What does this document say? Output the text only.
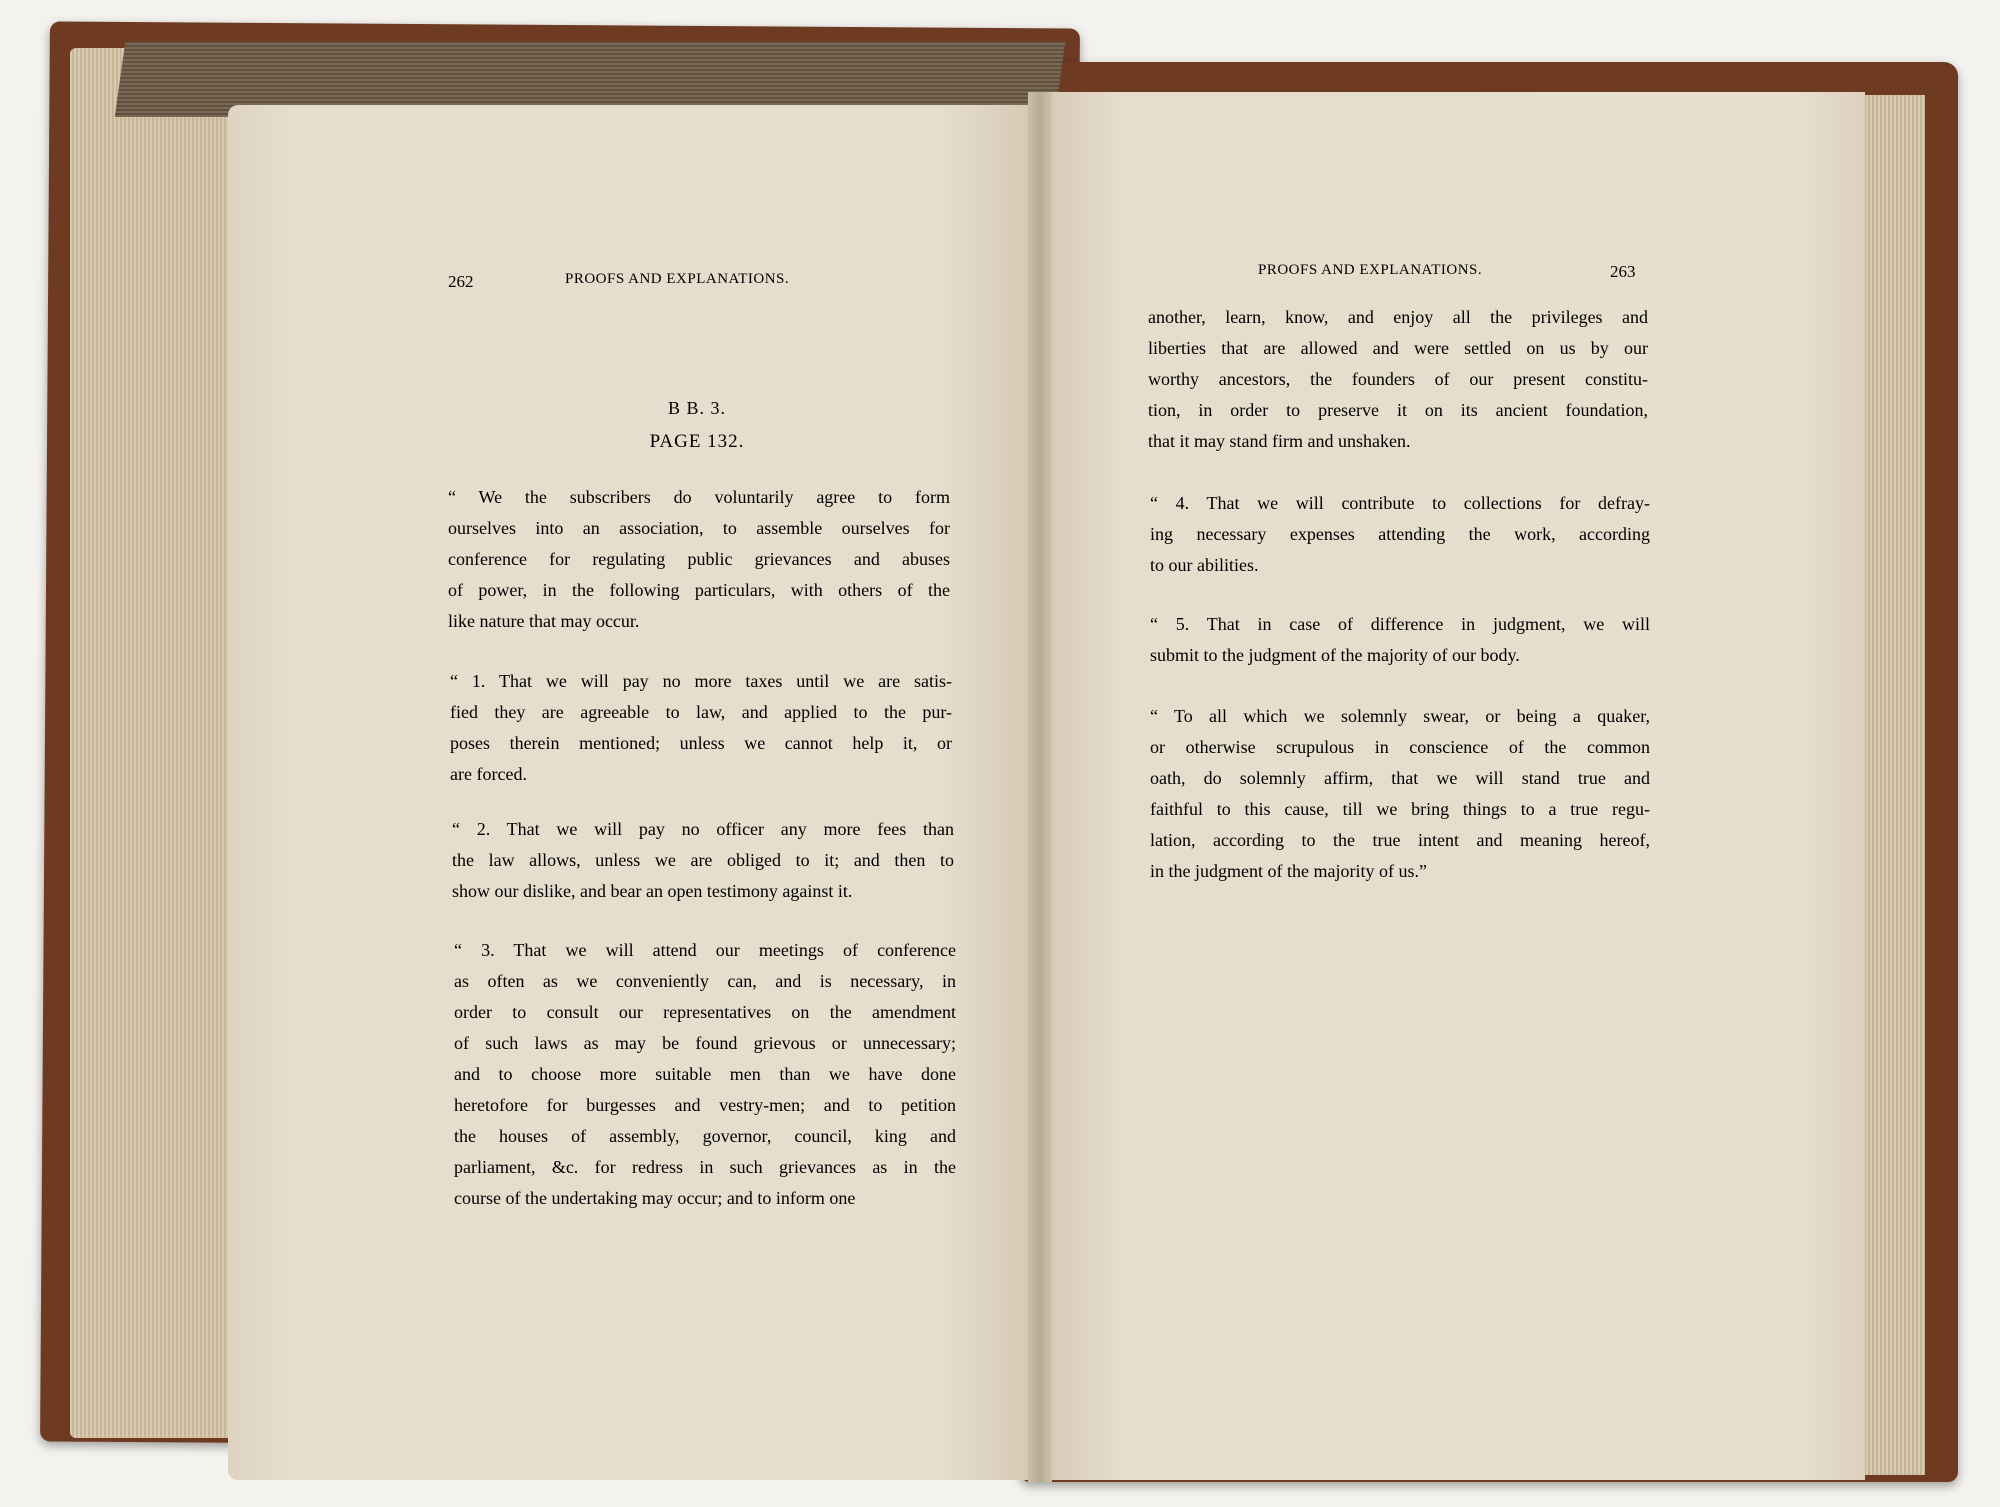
262	PROOFS AND EXPLANATIONS.
B B. 3.
PAGE 132.
“ We the subscribers do voluntarily agree to form
ourselves into an association, to assemble ourselves for
conference for regulating public grievances and abuses
of power, in the following particulars, with others of the
like nature that may occur.
“ 1. That we will pay no more taxes until we are satis-
fied they are agreeable to law, and applied to the pur-
poses therein mentioned; unless we cannot help it, or
are forced.
“ 2. That we will pay no officer any more fees than
the law allows, unless we are obliged to it; and then to
show our dislike, and bear an open testimony against it.
“ 3. That we will attend our meetings of conference
as often as we conveniently can, and is necessary, in
order to consult our representatives on the amendment
of such laws as may be found grievous or unnecessary;
and to choose more suitable men than we have done
heretofore for burgesses and vestry-men; and to petition
the houses of assembly, governor, council, king and
parliament, &c. for redress in such grievances as in the
course of the undertaking may occur; and to inform one
PROOFS AND EXPLANATIONS.	263
another, learn, know, and enjoy all the privileges and
liberties that are allowed and were settled on us by our
worthy ancestors, the founders of our present constitu-
tion, in order to preserve it on its ancient foundation,
that it may stand firm and unshaken.
“ 4. That we will contribute to collections for defray-
ing necessary expenses attending the work, according
to our abilities.
“ 5. That in case of difference in judgment, we will
submit to the judgment of the majority of our body.
“ To all which we solemnly swear, or being a quaker,
or otherwise scrupulous in conscience of the common
oath, do solemnly affirm, that we will stand true and
faithful to this cause, till we bring things to a true regu-
lation, according to the true intent and meaning hereof,
in the judgment of the majority of us.”
